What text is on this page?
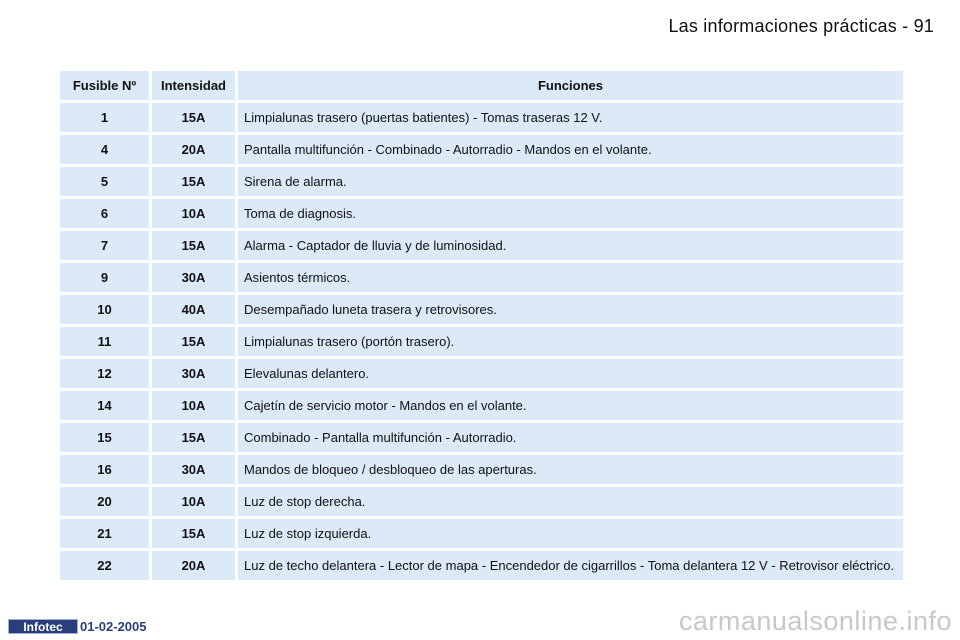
Las informaciones prácticas - 91
Fusible Nº	Intensidad	Funciones
1	15A	Limpialunas trasero (puertas batientes) - Tomas traseras 12 V.
4	20A	Pantalla multifunción - Combinado - Autorradio - Mandos en el volante.
5	15A	Sirena de alarma.
6	10A	Toma de diagnosis.
7	15A	Alarma - Captador de lluvia y de luminosidad.
9	30A	Asientos térmicos.
10	40A	Desempañado luneta trasera y retrovisores.
11	15A	Limpialunas trasero (portón trasero).
12	30A	Elevalunas delantero.
14	10A	Cajetín de servicio motor - Mandos en el volante.
15	15A	Combinado - Pantalla multifunción - Autorradio.
16	30A	Mandos de bloqueo / desbloqueo de las aperturas.
20	10A	Luz de stop derecha.
21	15A	Luz de stop izquierda.
22	20A	Luz de techo delantera - Lector de mapa - Encendedor de cigarrillos - Toma delantera 12 V - Retrovisor eléctrico.
Infotec	01-02-2005	carmanualsonline.info
